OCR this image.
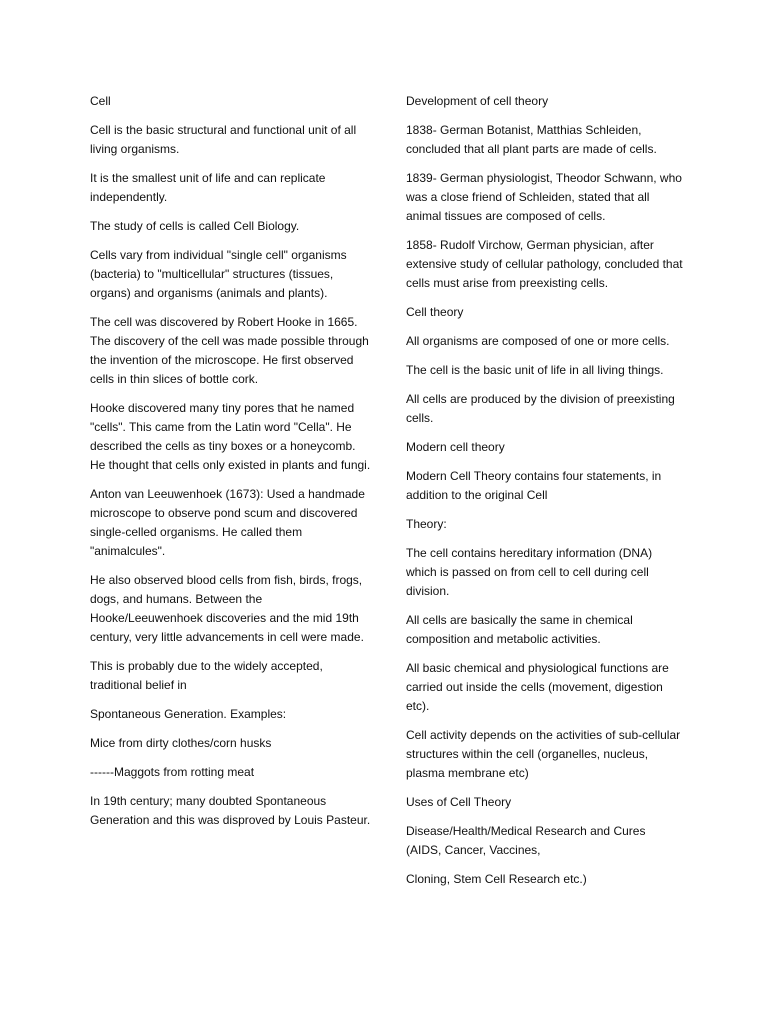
Cell

Cell is the basic structural and functional unit of all living organisms.

It is the smallest unit of life and can replicate independently.

The study of cells is called Cell Biology.

Cells vary from individual "single cell" organisms (bacteria) to "multicellular" structures (tissues, organs) and organisms (animals and plants).

The cell was discovered by Robert Hooke in 1665. The discovery of the cell was made possible through the invention of the microscope. He first observed cells in thin slices of bottle cork.

Hooke discovered many tiny pores that he named "cells". This came from the Latin word "Cella". He described the cells as tiny boxes or a honeycomb. He thought that cells only existed in plants and fungi.

Anton van Leeuwenhoek (1673): Used a handmade microscope to observe pond scum and discovered single-celled organisms. He called them "animalcules".

He also observed blood cells from fish, birds, frogs, dogs, and humans. Between the Hooke/Leeuwenhoek discoveries and the mid 19th century, very little advancements in cell were made.

This is probably due to the widely accepted, traditional belief in

Spontaneous Generation. Examples:

Mice from dirty clothes/corn husks

------Maggots from rotting meat

In 19th century; many doubted Spontaneous Generation and this was disproved by Louis Pasteur.

Development of cell theory

1838- German Botanist, Matthias Schleiden, concluded that all plant parts are made of cells.

1839- German physiologist, Theodor Schwann, who was a close friend of Schleiden, stated that all animal tissues are composed of cells.

1858- Rudolf Virchow, German physician, after extensive study of cellular pathology, concluded that cells must arise from preexisting cells.

Cell theory

All organisms are composed of one or more cells.

The cell is the basic unit of life in all living things.

All cells are produced by the division of preexisting cells.

Modern cell theory

Modern Cell Theory contains four statements, in addition to the original Cell

Theory:

The cell contains hereditary information (DNA) which is passed on from cell to cell during cell division.

All cells are basically the same in chemical composition and metabolic activities.

All basic chemical and physiological functions are carried out inside the cells (movement, digestion etc).

Cell activity depends on the activities of sub-cellular structures within the cell (organelles, nucleus, plasma membrane etc)

Uses of Cell Theory

Disease/Health/Medical Research and Cures (AIDS, Cancer, Vaccines,

Cloning, Stem Cell Research etc.)
